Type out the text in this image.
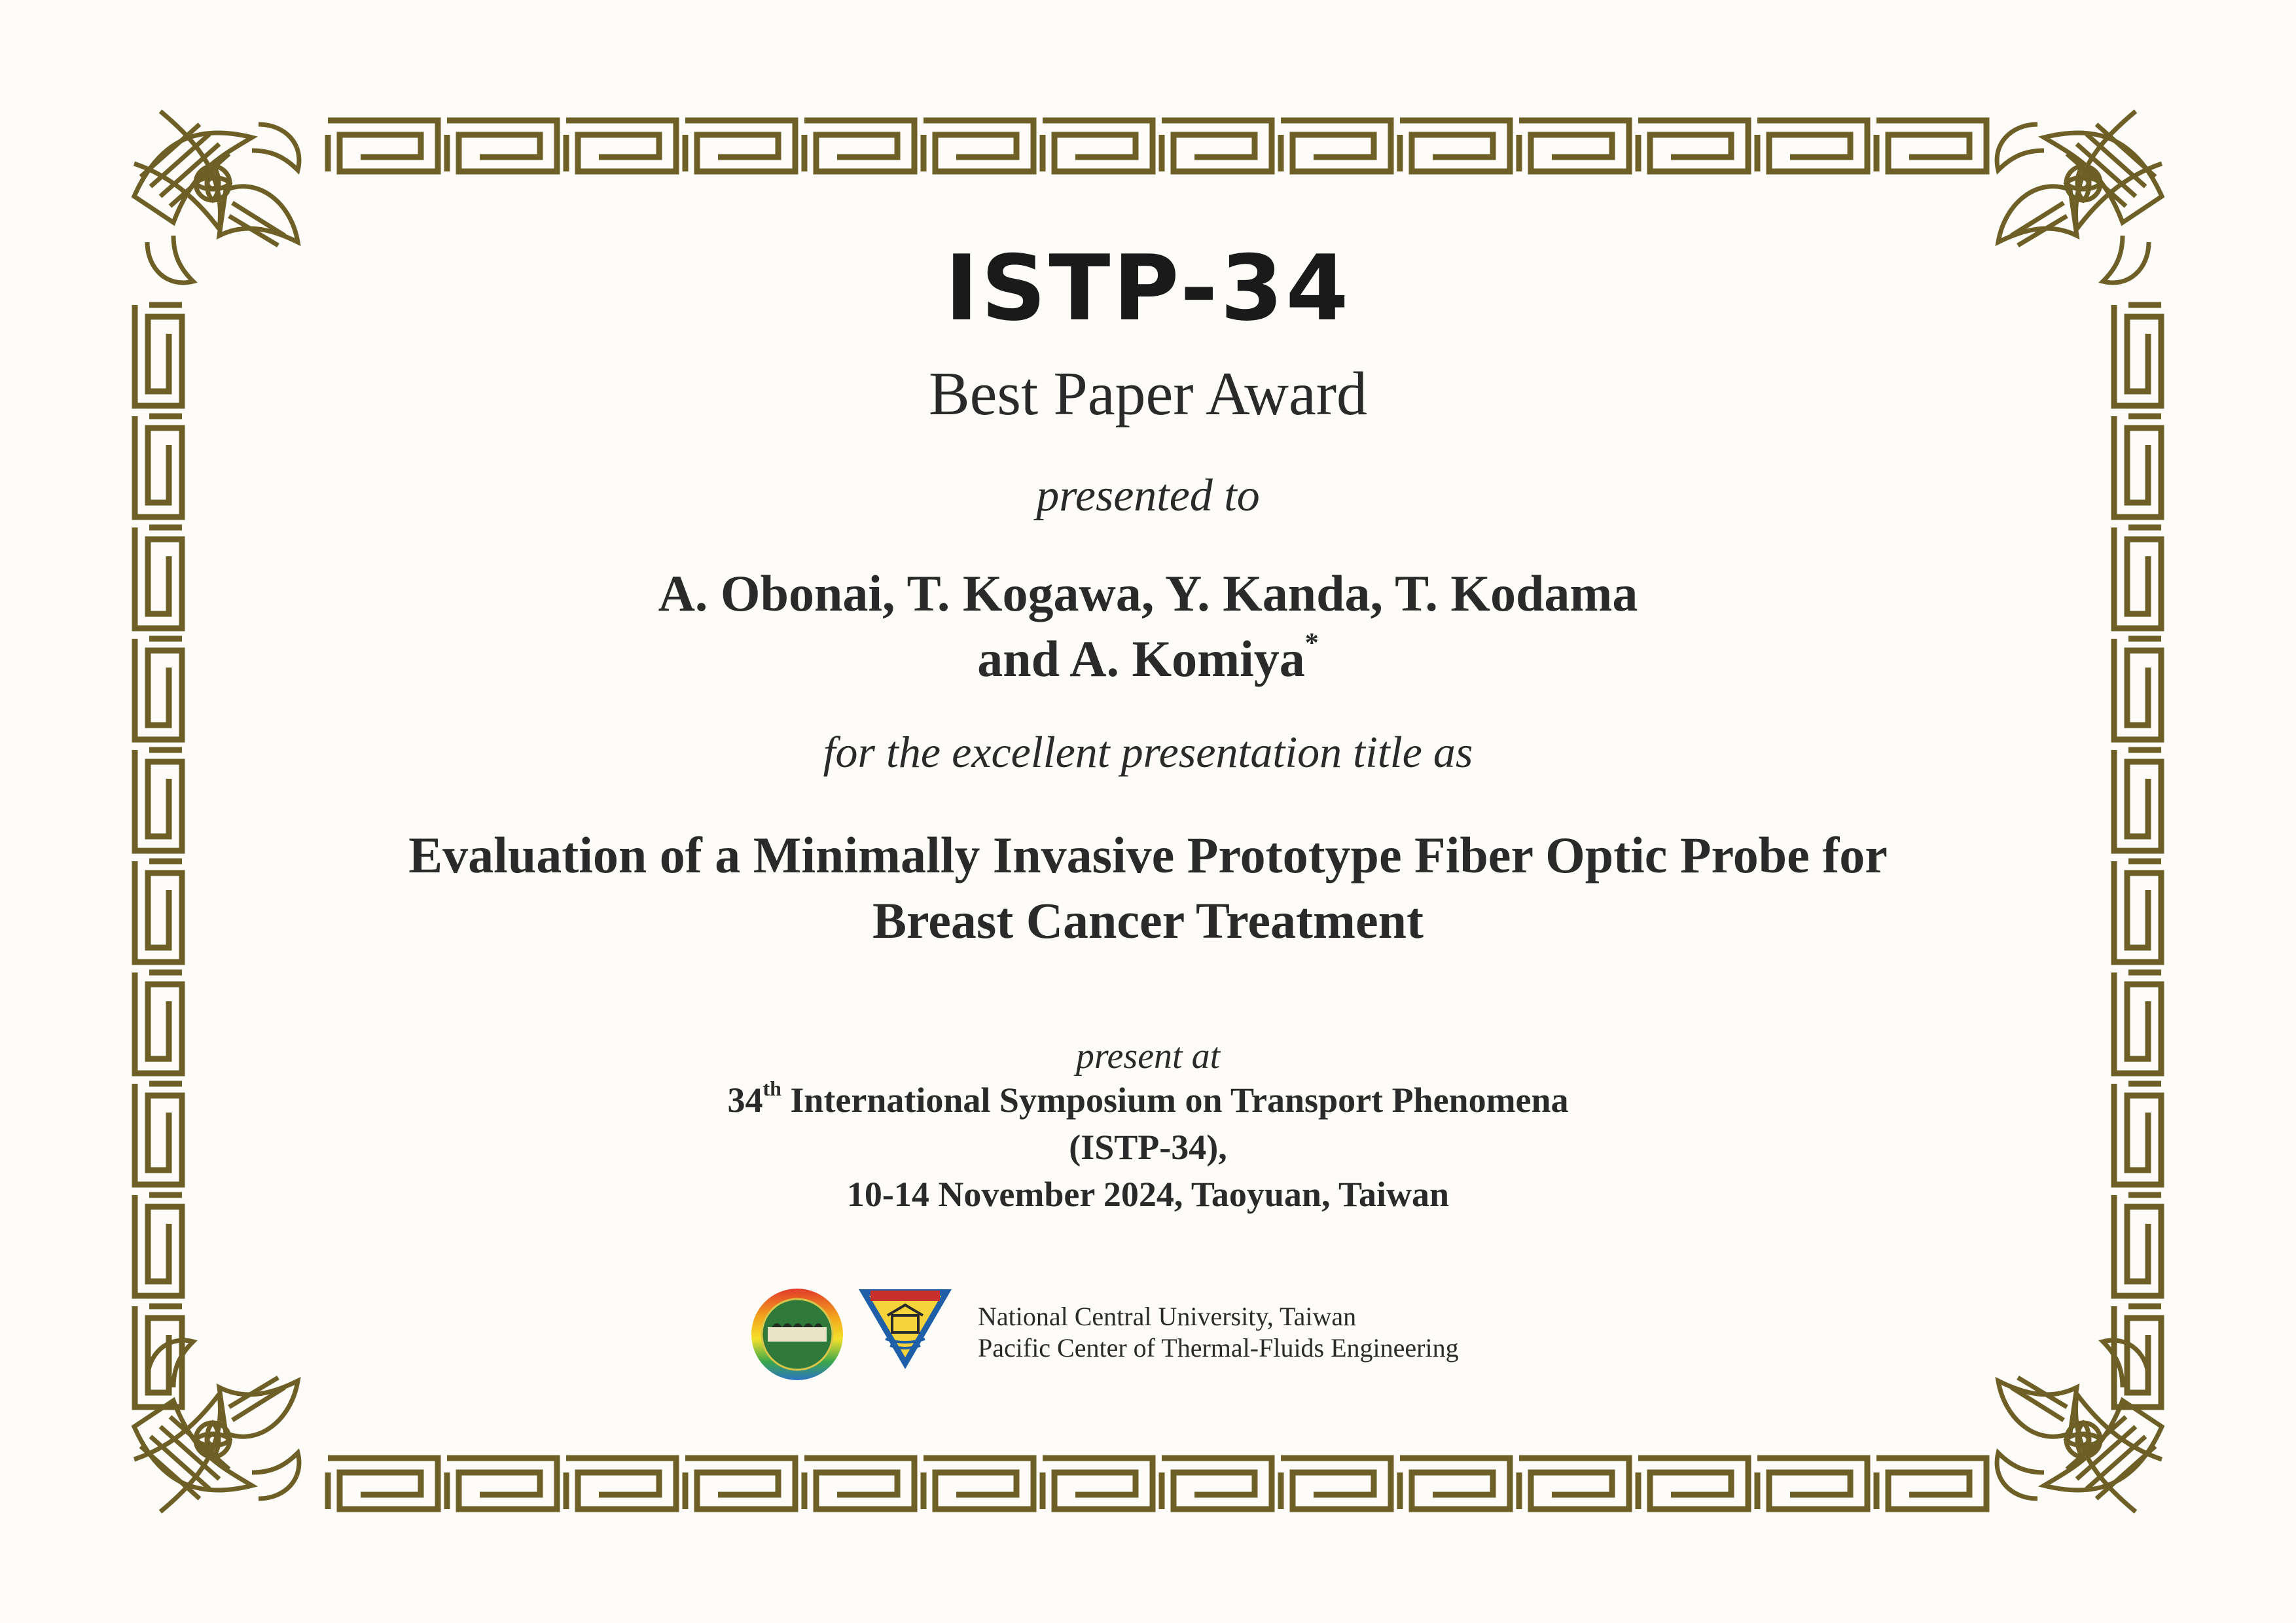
ISTP-34
Best Paper Award
presented to
A. Obonai, T. Kogawa, Y. Kanda, T. Kodama
and A. Komiya*
for the excellent presentation title as
Evaluation of a Minimally Invasive Prototype Fiber Optic Probe for
Breast Cancer Treatment
present at
34th International Symposium on Transport Phenomena
(ISTP-34),
10-14 November 2024, Taoyuan, Taiwan
National Central University, Taiwan
Pacific Center of Thermal-Fluids Engineering
